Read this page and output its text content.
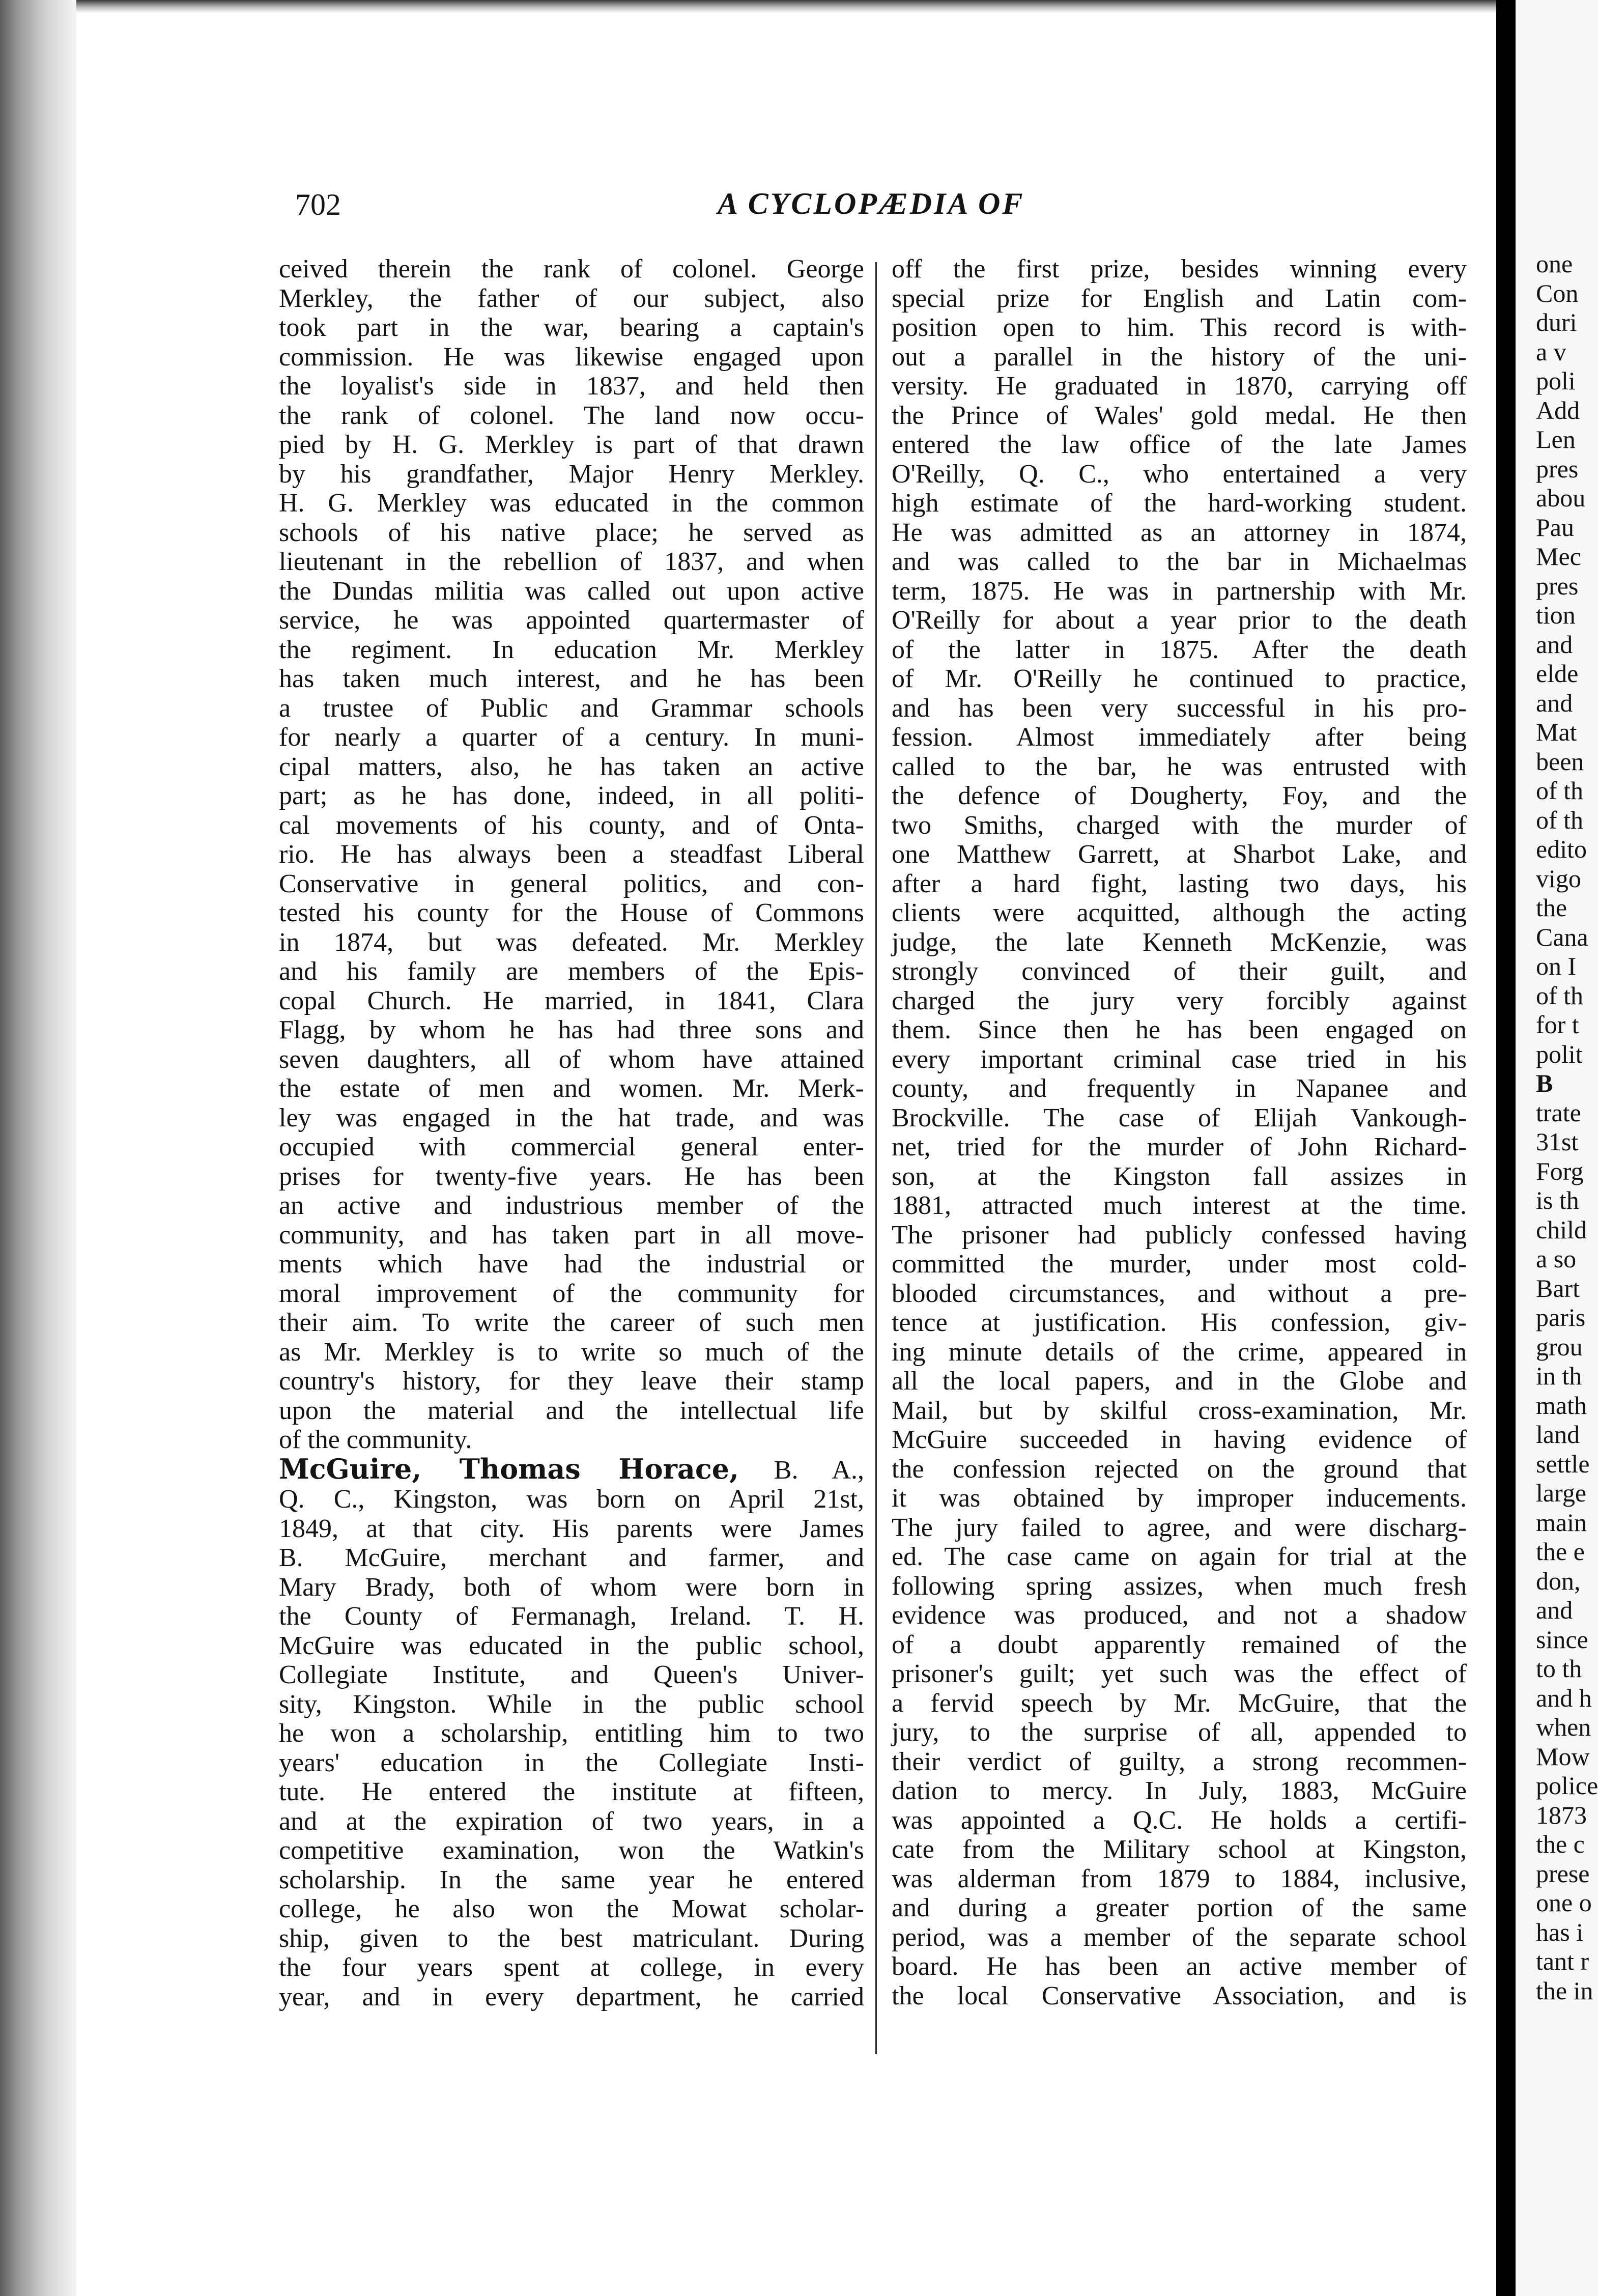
702	A CYCLOPÆDIA OF
ceived therein the rank of colonel. George
Merkley, the father of our subject, also
took part in the war, bearing a captain's
commission. He was likewise engaged upon
the loyalist's side in 1837, and held then
the rank of colonel. The land now occu-
pied by H. G. Merkley is part of that drawn
by his grandfather, Major Henry Merkley.
H. G. Merkley was educated in the common
schools of his native place; he served as
lieutenant in the rebellion of 1837, and when
the Dundas militia was called out upon active
service, he was appointed quartermaster of
the regiment. In education Mr. Merkley
has taken much interest, and he has been
a trustee of Public and Grammar schools
for nearly a quarter of a century. In muni-
cipal matters, also, he has taken an active
part; as he has done, indeed, in all politi-
cal movements of his county, and of Onta-
rio. He has always been a steadfast Liberal
Conservative in general politics, and con-
tested his county for the House of Commons
in 1874, but was defeated. Mr. Merkley
and his family are members of the Epis-
copal Church. He married, in 1841, Clara
Flagg, by whom he has had three sons and
seven daughters, all of whom have attained
the estate of men and women. Mr. Merk-
ley was engaged in the hat trade, and was
occupied with commercial general enter-
prises for twenty-five years. He has been
an active and industrious member of the
community, and has taken part in all move-
ments which have had the industrial or
moral improvement of the community for
their aim. To write the career of such men
as Mr. Merkley is to write so much of the
country's history, for they leave their stamp
upon the material and the intellectual life
of the community.
McGuire, Thomas Horace, B. A.,
Q. C., Kingston, was born on April 21st,
1849, at that city. His parents were James
B. McGuire, merchant and farmer, and
Mary Brady, both of whom were born in
the County of Fermanagh, Ireland. T. H.
McGuire was educated in the public school,
Collegiate Institute, and Queen's Univer-
sity, Kingston. While in the public school
he won a scholarship, entitling him to two
years' education in the Collegiate Insti-
tute. He entered the institute at fifteen,
and at the expiration of two years, in a
competitive examination, won the Watkin's
scholarship. In the same year he entered
college, he also won the Mowat scholar-
ship, given to the best matriculant. During
the four years spent at college, in every
year, and in every department, he carried
off the first prize, besides winning every
special prize for English and Latin com-
position open to him. This record is with-
out a parallel in the history of the uni-
versity. He graduated in 1870, carrying off
the Prince of Wales' gold medal. He then
entered the law office of the late James
O'Reilly, Q. C., who entertained a very
high estimate of the hard-working student.
He was admitted as an attorney in 1874,
and was called to the bar in Michaelmas
term, 1875. He was in partnership with Mr.
O'Reilly for about a year prior to the death
of the latter in 1875. After the death
of Mr. O'Reilly he continued to practice,
and has been very successful in his pro-
fession. Almost immediately after being
called to the bar, he was entrusted with
the defence of Dougherty, Foy, and the
two Smiths, charged with the murder of
one Matthew Garrett, at Sharbot Lake, and
after a hard fight, lasting two days, his
clients were acquitted, although the acting
judge, the late Kenneth McKenzie, was
strongly convinced of their guilt, and
charged the jury very forcibly against
them. Since then he has been engaged on
every important criminal case tried in his
county, and frequently in Napanee and
Brockville. The case of Elijah Vankough-
net, tried for the murder of John Richard-
son, at the Kingston fall assizes in
1881, attracted much interest at the time.
The prisoner had publicly confessed having
committed the murder, under most cold-
blooded circumstances, and without a pre-
tence at justification. His confession, giv-
ing minute details of the crime, appeared in
all the local papers, and in the Globe and
Mail, but by skilful cross-examination, Mr.
McGuire succeeded in having evidence of
the confession rejected on the ground that
it was obtained by improper inducements.
The jury failed to agree, and were discharg-
ed. The case came on again for trial at the
following spring assizes, when much fresh
evidence was produced, and not a shadow
of a doubt apparently remained of the
prisoner's guilt; yet such was the effect of
a fervid speech by Mr. McGuire, that the
jury, to the surprise of all, appended to
their verdict of guilty, a strong recommen-
dation to mercy. In July, 1883, McGuire
was appointed a Q.C. He holds a certifi-
cate from the Military school at Kingston,
was alderman from 1879 to 1884, inclusive,
and during a greater portion of the same
period, was a member of the separate school
board. He has been an active member of
the local Conservative Association, and is
one
Con
duri
a v
poli
Add
Len
pres
abou
Pau
Mec
pres
tion
and
elde
and
Mat
been
of th
of th
edito
vigo
the
Cana
on I
of th
for t
polit
B
trate
31st
Forg
is th
child
a so
Bart
paris
grou
in th
math
land
settle
large
main
the e
don,
and
since
to th
and h
when
Mow
police
1873
the c
prese
one o
has i
tant r
the in
